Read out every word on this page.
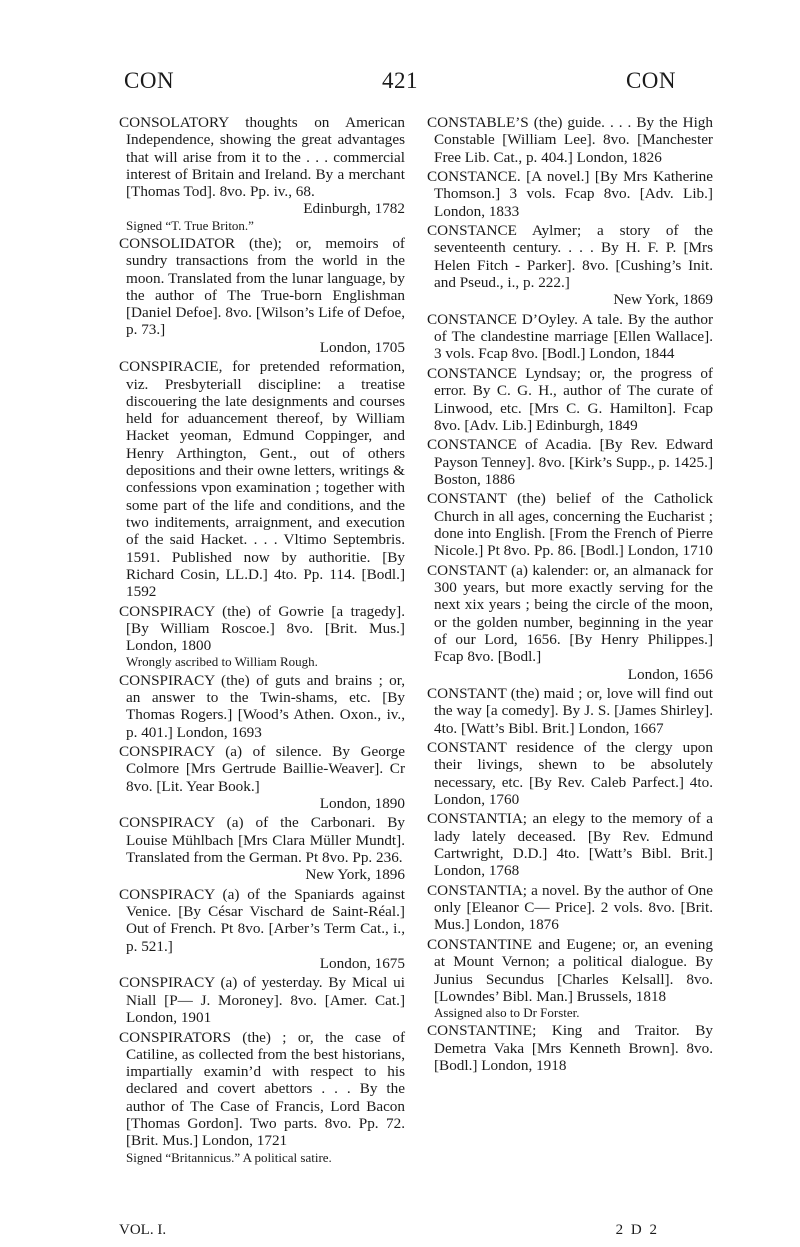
CON	421	CON

CONSOLATORY thoughts on American Independence, showing the great advantages that will arise from it to the . . . commercial interest of Britain and Ireland. By a merchant [Thomas Tod]. 8vo. Pp. iv., 68.
Edinburgh, 1782
Signed “T. True Briton.”

CONSOLIDATOR (the); or, memoirs of sundry transactions from the world in the moon. Translated from the lunar language, by the author of The True-born Englishman [Daniel Defoe]. 8vo. [Wilson’s Life of Defoe, p. 73.]
London, 1705

CONSPIRACIE, for pretended reformation, viz. Presbyteriall discipline: a treatise discouering the late designments and courses held for aduancement thereof, by William Hacket yeoman, Edmund Coppinger, and Henry Arthington, Gent., out of others depositions and their owne letters, writings & confessions vpon examination ; together with some part of the life and conditions, and the two inditements, arraignment, and execution of the said Hacket. . . . Vltimo Septembris. 1591. Published now by authoritie. [By Richard Cosin, LL.D.] 4to. Pp. 114. [Bodl.] 1592

CONSPIRACY (the) of Gowrie [a tragedy]. [By William Roscoe.] 8vo. [Brit. Mus.] London, 1800
Wrongly ascribed to William Rough.

CONSPIRACY (the) of guts and brains ; or, an answer to the Twin-shams, etc. [By Thomas Rogers.] [Wood’s Athen. Oxon., iv., p. 401.] London, 1693

CONSPIRACY (a) of silence. By George Colmore [Mrs Gertrude Baillie-Weaver]. Cr 8vo. [Lit. Year Book.]
London, 1890

CONSPIRACY (a) of the Carbonari. By Louise Mühlbach [Mrs Clara Müller Mundt]. Translated from the German. Pt 8vo. Pp. 236.
New York, 1896

CONSPIRACY (a) of the Spaniards against Venice. [By César Vischard de Saint-Réal.] Out of French. Pt 8vo. [Arber’s Term Cat., i., p. 521.]
London, 1675

CONSPIRACY (a) of yesterday. By Mical ui Niall [P— J. Moroney]. 8vo. [Amer. Cat.] London, 1901

CONSPIRATORS (the) ; or, the case of Catiline, as collected from the best historians, impartially examin’d with respect to his declared and covert abettors . . . By the author of The Case of Francis, Lord Bacon [Thomas Gordon]. Two parts. 8vo. Pp. 72. [Brit. Mus.] London, 1721
Signed “Britannicus.” A political satire.

CONSTABLE’S (the) guide. . . . By the High Constable [William Lee]. 8vo. [Manchester Free Lib. Cat., p. 404.] London, 1826

CONSTANCE. [A novel.] [By Mrs Katherine Thomson.] 3 vols. Fcap 8vo. [Adv. Lib.] London, 1833

CONSTANCE Aylmer; a story of the seventeenth century. . . . By H. F. P. [Mrs Helen Fitch - Parker]. 8vo. [Cushing’s Init. and Pseud., i., p. 222.]
New York, 1869

CONSTANCE D’Oyley. A tale. By the author of The clandestine marriage [Ellen Wallace]. 3 vols. Fcap 8vo. [Bodl.] London, 1844

CONSTANCE Lyndsay; or, the progress of error. By C. G. H., author of The curate of Linwood, etc. [Mrs C. G. Hamilton]. Fcap 8vo. [Adv. Lib.] Edinburgh, 1849

CONSTANCE of Acadia. [By Rev. Edward Payson Tenney]. 8vo. [Kirk’s Supp., p. 1425.] Boston, 1886

CONSTANT (the) belief of the Catholick Church in all ages, concerning the Eucharist ; done into English. [From the French of Pierre Nicole.] Pt 8vo. Pp. 86. [Bodl.] London, 1710

CONSTANT (a) kalender: or, an almanack for 300 years, but more exactly serving for the next xix years ; being the circle of the moon, or the golden number, beginning in the year of our Lord, 1656. [By Henry Philippes.] Fcap 8vo. [Bodl.]
London, 1656

CONSTANT (the) maid ; or, love will find out the way [a comedy]. By J. S. [James Shirley]. 4to. [Watt’s Bibl. Brit.] London, 1667

CONSTANT residence of the clergy upon their livings, shewn to be absolutely necessary, etc. [By Rev. Caleb Parfect.] 4to. London, 1760

CONSTANTIA; an elegy to the memory of a lady lately deceased. [By Rev. Edmund Cartwright, D.D.] 4to. [Watt’s Bibl. Brit.] London, 1768

CONSTANTIA; a novel. By the author of One only [Eleanor C— Price]. 2 vols. 8vo. [Brit. Mus.] London, 1876

CONSTANTINE and Eugene; or, an evening at Mount Vernon; a political dialogue. By Junius Secundus [Charles Kelsall]. 8vo. [Lowndes’ Bibl. Man.] Brussels, 1818
Assigned also to Dr Forster.

CONSTANTINE; King and Traitor. By Demetra Vaka [Mrs Kenneth Brown]. 8vo. [Bodl.] London, 1918

VOL. I.	2 D 2
